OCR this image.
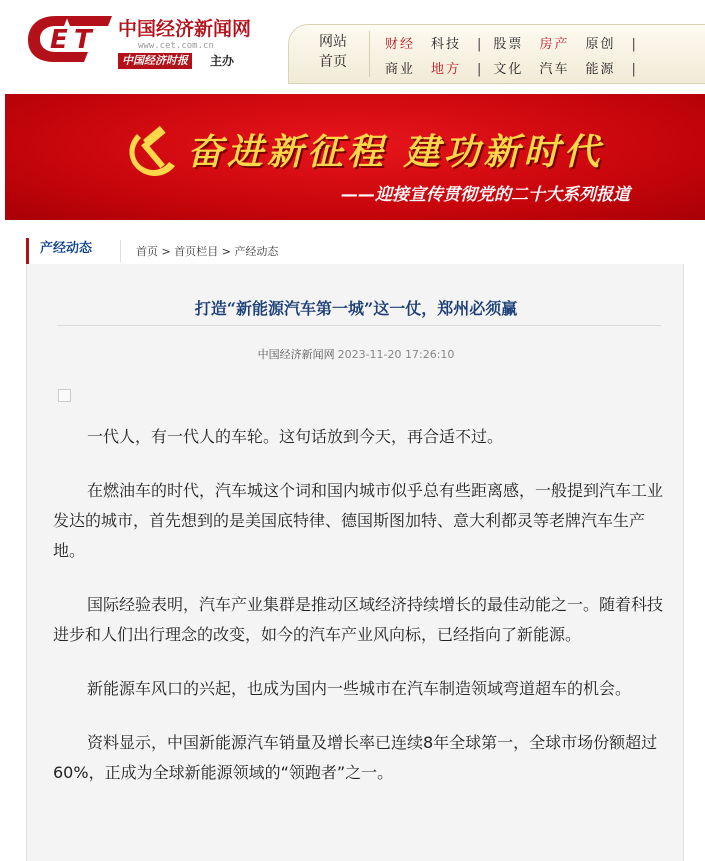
E T 中国经济新闻网
www.cet.com.cn
中国经济时报	主办
网站
首页
财经 科技 | 股票 房产 原创 |
商业 地方 | 文化 汽车 能源 |
奋进新征程 建功新时代
——迎接宣传贯彻党的二十大系列报道
产经动态	首页 > 首页栏目 > 产经动态
打造“新能源汽车第一城”这一仗，郑州必须赢
中国经济新闻网 2023-11-20 17:26:10

一代人，有一代人的车轮。这句话放到今天，再合适不过。

在燃油车的时代，汽车城这个词和国内城市似乎总有些距离感，一般提到汽车工业发达的城市，首先想到的是美国底特律、德国斯图加特、意大利都灵等老牌汽车生产地。

国际经验表明，汽车产业集群是推动区域经济持续增长的最佳动能之一。随着科技进步和人们出行理念的改变，如今的汽车产业风向标，已经指向了新能源。

新能源车风口的兴起，也成为国内一些城市在汽车制造领域弯道超车的机会。

资料显示，中国新能源汽车销量及增长率已连续8年全球第一，全球市场份额超过60%，正成为全球新能源领域的“领跑者”之一。
